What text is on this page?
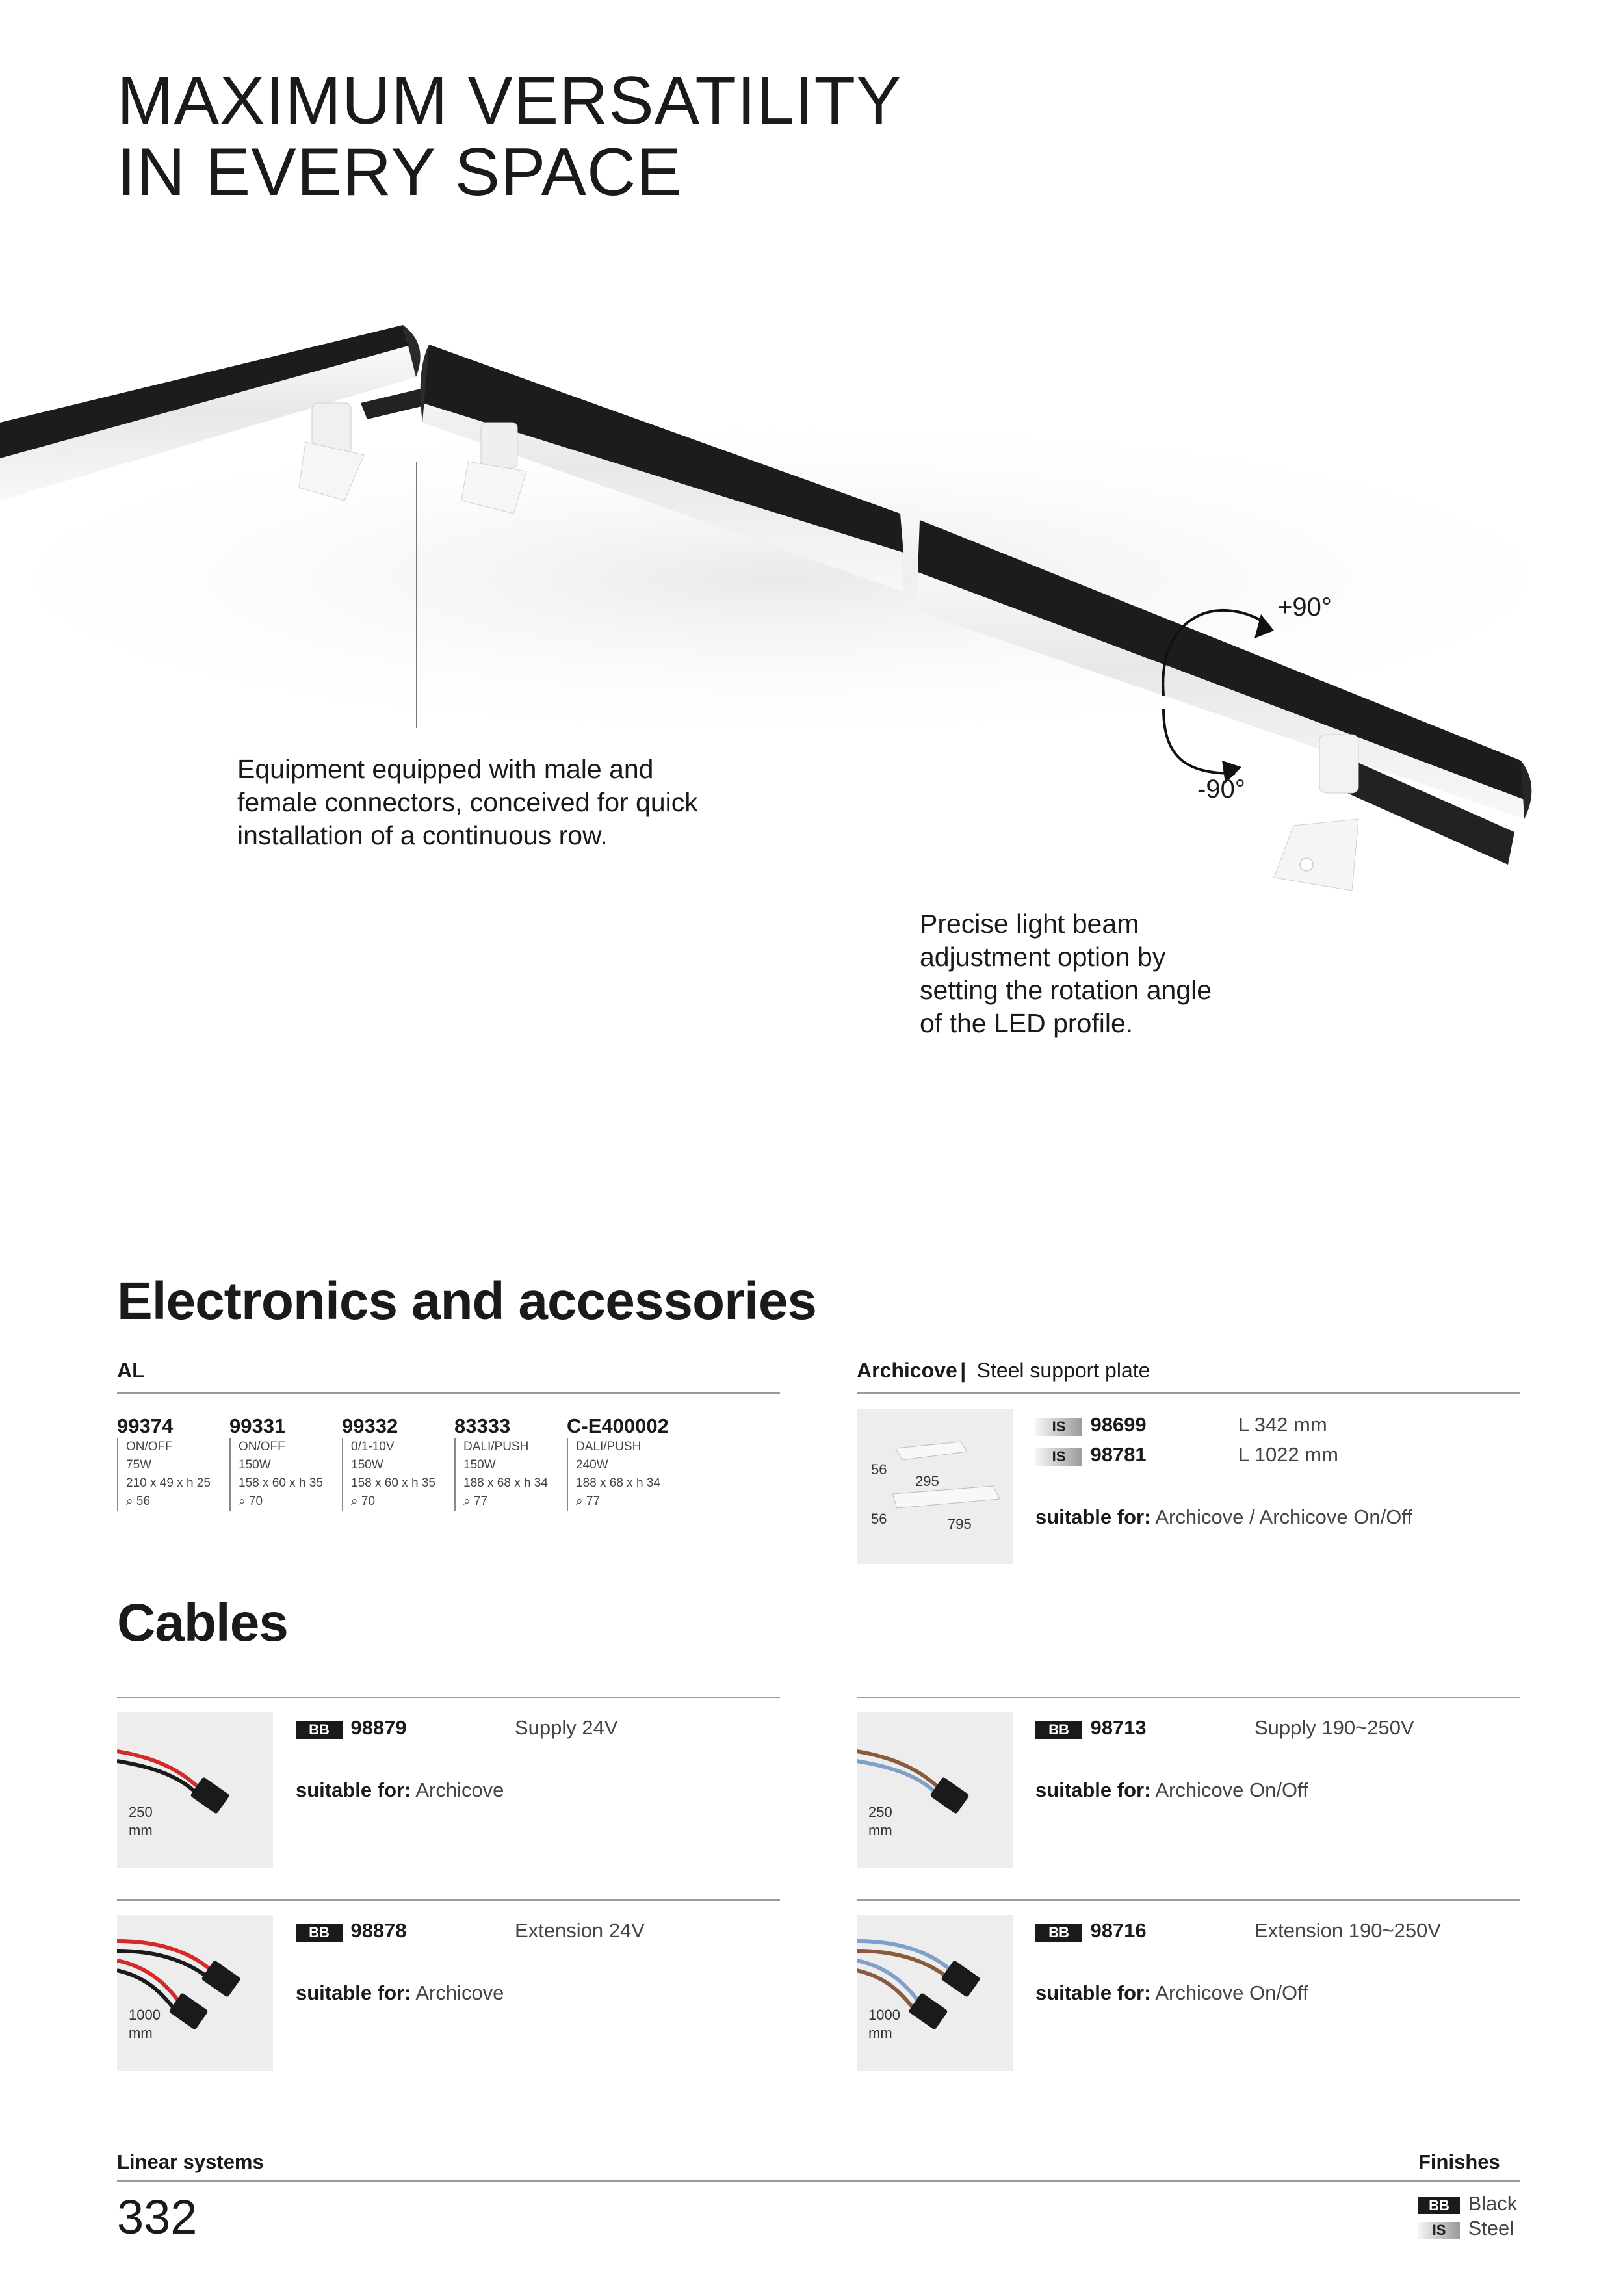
MAXIMUM VERSATILITY
IN EVERY SPACE
+90°
-90°
Equipment equipped with male and
female connectors, conceived for quick
installation of a continuous row.
Precise light beam
adjustment option by
setting the rotation angle
of the LED profile.
Electronics and accessories
AL
99374
ON/OFF
75W
210 x 49 x h 25
⌕ 56
99331
ON/OFF
150W
158 x 60 x h 35
⌕ 70
99332
0/1-10V
150W
158 x 60 x h 35
⌕ 70
83333
DALI/PUSH
150W
188 x 68 x h 34
⌕ 77
C-E400002
DALI/PUSH
240W
188 x 68 x h 34
⌕ 77
Archicove | Steel support plate
56
295
56	795
IS 98699	L 342 mm
IS 98781	L 1022 mm
suitable for: Archicove / Archicove On/Off
Cables
250
mm
BB 98879	Supply 24V
suitable for: Archicove
250
mm
BB 98713	Supply 190~250V
suitable for: Archicove On/Off
1000
mm
BB 98878	Extension 24V
suitable for: Archicove
1000
mm
BB 98716	Extension 190~250V
suitable for: Archicove On/Off
Linear systems	Finishes
332	BB Black
IS Steel
